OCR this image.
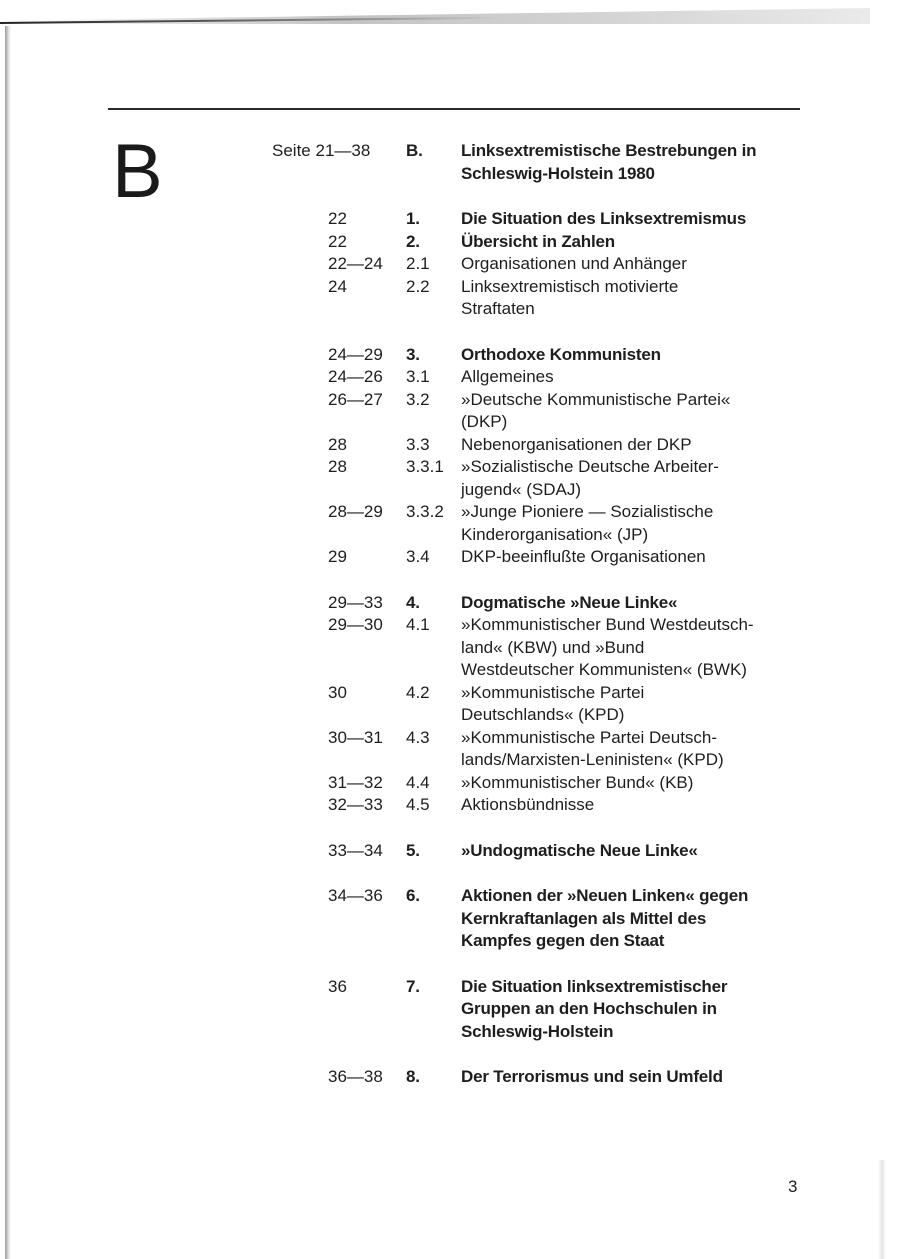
B	Seite 21—38	B.	Linksextremistische Bestrebungen in
Schleswig-Holstein 1980
22	1.	Die Situation des Linksextremismus
22	2.	Übersicht in Zahlen
22—24	2.1	Organisationen und Anhänger
24	2.2	Linksextremistisch motivierte
Straftaten
24—29	3.	Orthodoxe Kommunisten
24—26	3.1	Allgemeines
26—27	3.2	»Deutsche Kommunistische Partei«
(DKP)
28	3.3	Nebenorganisationen der DKP
28	3.3.1	»Sozialistische Deutsche Arbeiter-
jugend« (SDAJ)
28—29	3.3.2	»Junge Pioniere — Sozialistische
Kinderorganisation« (JP)
29	3.4	DKP-beeinflußte Organisationen
29—33	4.	Dogmatische »Neue Linke«
29—30	4.1	»Kommunistischer Bund Westdeutsch-
land« (KBW) und »Bund
Westdeutscher Kommunisten« (BWK)
30	4.2	»Kommunistische Partei
Deutschlands« (KPD)
30—31	4.3	»Kommunistische Partei Deutsch-
lands/Marxisten-Leninisten« (KPD)
31—32	4.4	»Kommunistischer Bund« (KB)
32—33	4.5	Aktionsbündnisse
33—34	5.	»Undogmatische Neue Linke«
34—36	6.	Aktionen der »Neuen Linken« gegen
Kernkraftanlagen als Mittel des
Kampfes gegen den Staat
36	7.	Die Situation linksextremistischer
Gruppen an den Hochschulen in
Schleswig-Holstein
36—38	8.	Der Terrorismus und sein Umfeld
3
